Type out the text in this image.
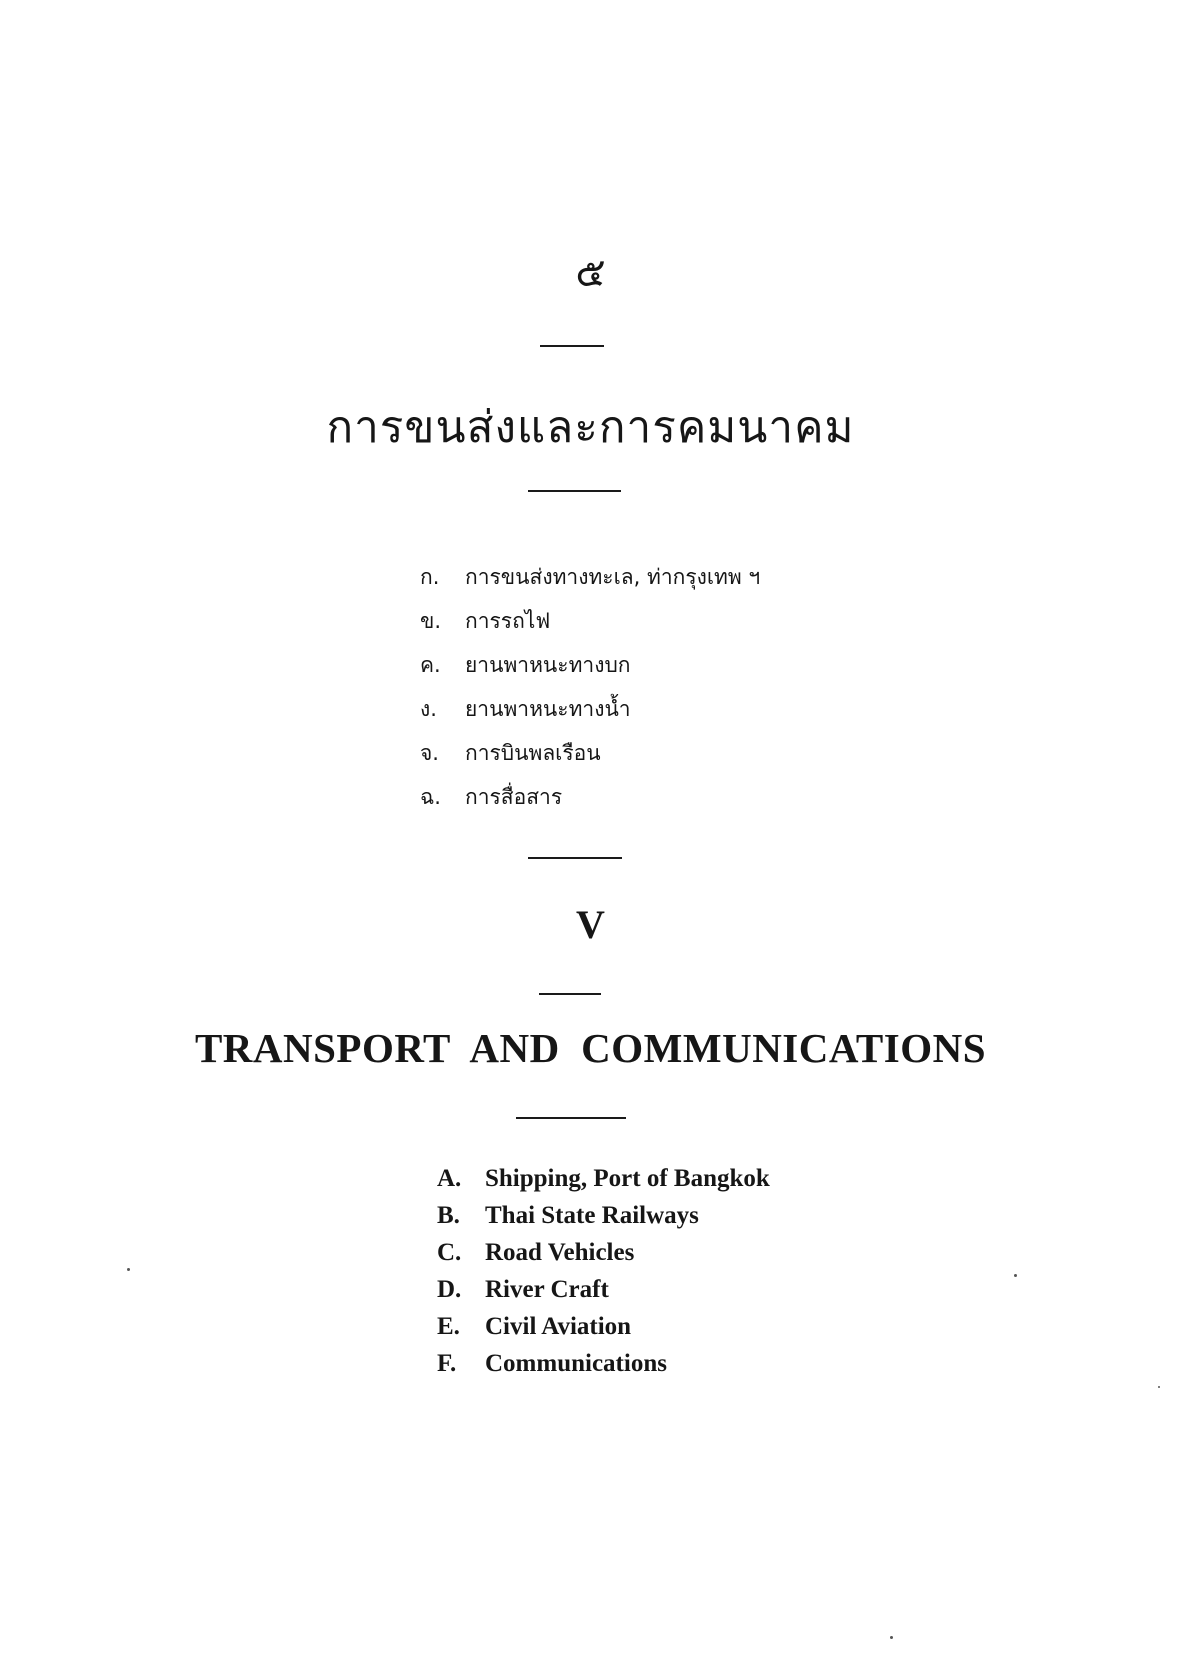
๕
การขนส่งและการคมนาคม
ก.	การขนส่งทางทะเล, ท่ากรุงเทพ ฯ
ข.	การรถไฟ
ค.	ยานพาหนะทางบก
ง.	ยานพาหนะทางน้ำ
จ.	การบินพลเรือน
ฉ.	การสื่อสาร
V
TRANSPORT  AND  COMMUNICATIONS
A. Shipping, Port of Bangkok
B.	Thai State Railways
C. Road Vehicles
D. River Craft
E.	Civil Aviation
F.	Communications
